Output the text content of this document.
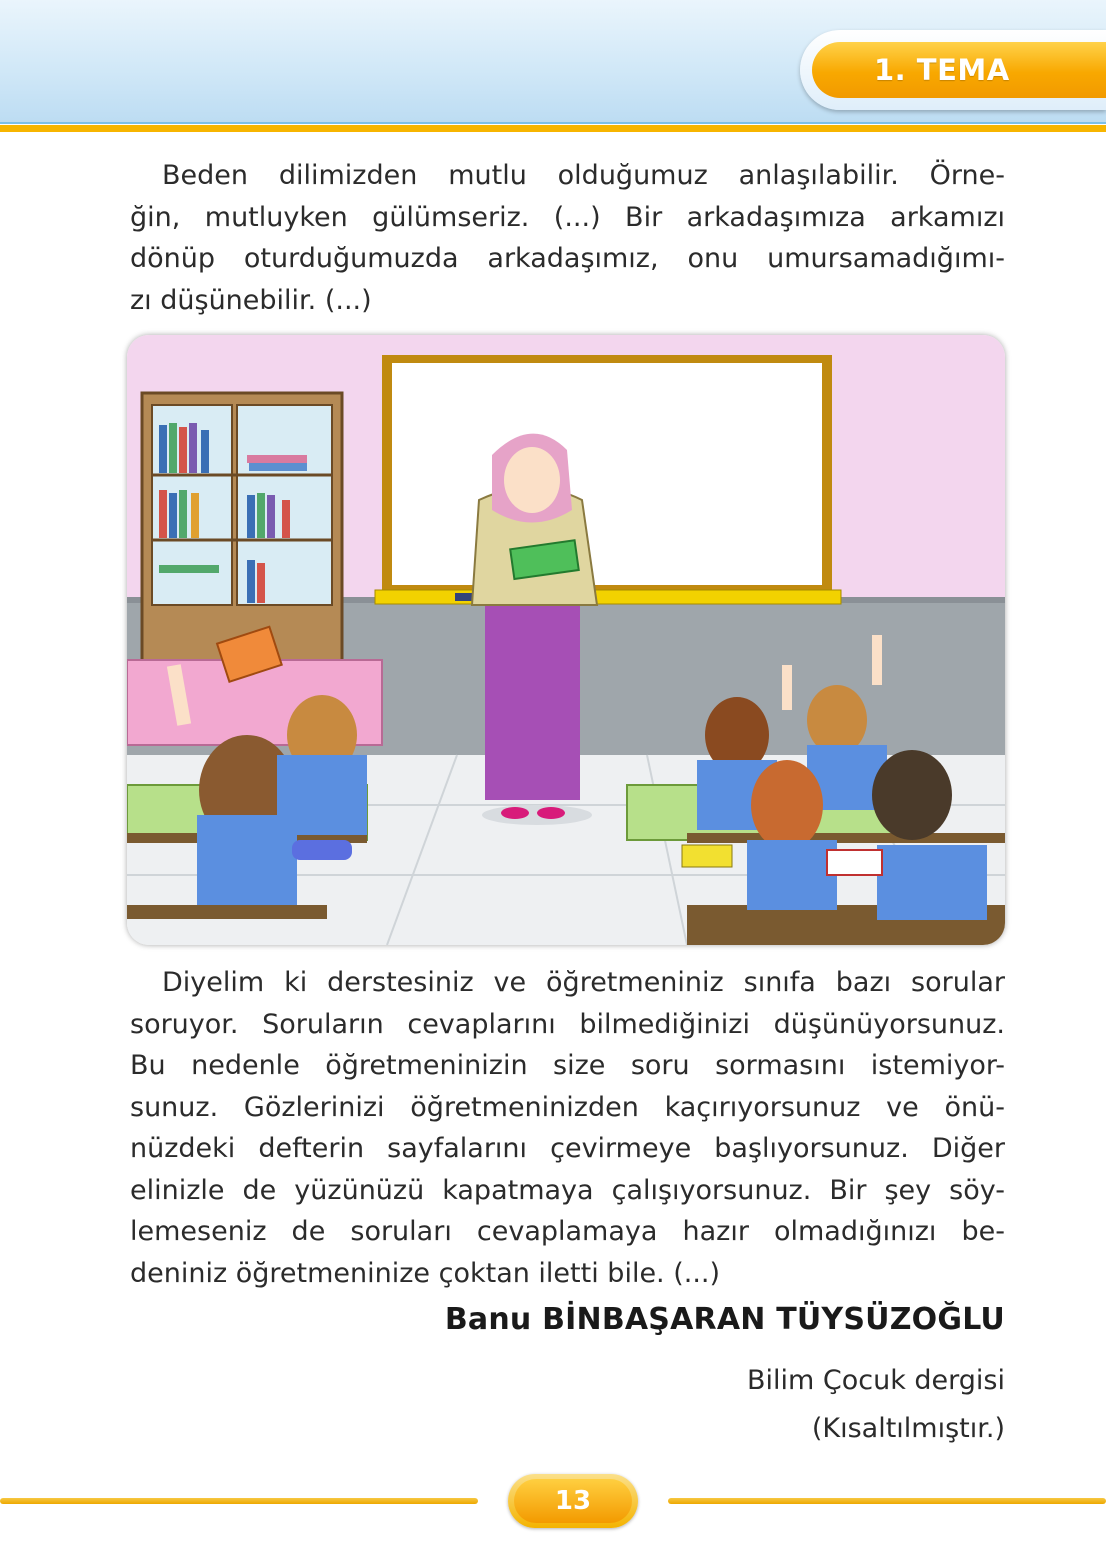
1. TEMA
Beden dilimizden mutlu olduğumuz anlaşılabilir. Örne-
ğin, mutluyken gülümseriz. (...) Bir arkadaşımıza arkamızı
dönüp oturduğumuzda arkadaşımız, onu umursamadığımı-
zı düşünebilir. (...)
Diyelim ki derstesiniz ve öğretmeniniz sınıfa bazı sorular
soruyor. Soruların cevaplarını bilmediğinizi düşünüyorsunuz.
Bu nedenle öğretmeninizin size soru sormasını istemiyor-
sunuz. Gözlerinizi öğretmeninizden kaçırıyorsunuz ve önü-
nüzdeki defterin sayfalarını çevirmeye başlıyorsunuz. Diğer
elinizle de yüzünüzü kapatmaya çalışıyorsunuz. Bir şey söy-
lemeseniz de soruları cevaplamaya hazır olmadığınızı be-
deniniz öğretmeninize çoktan iletti bile. (...)
Banu BİNBAŞARAN TÜYSÜZOĞLU
Bilim Çocuk dergisi
(Kısaltılmıştır.)
13
